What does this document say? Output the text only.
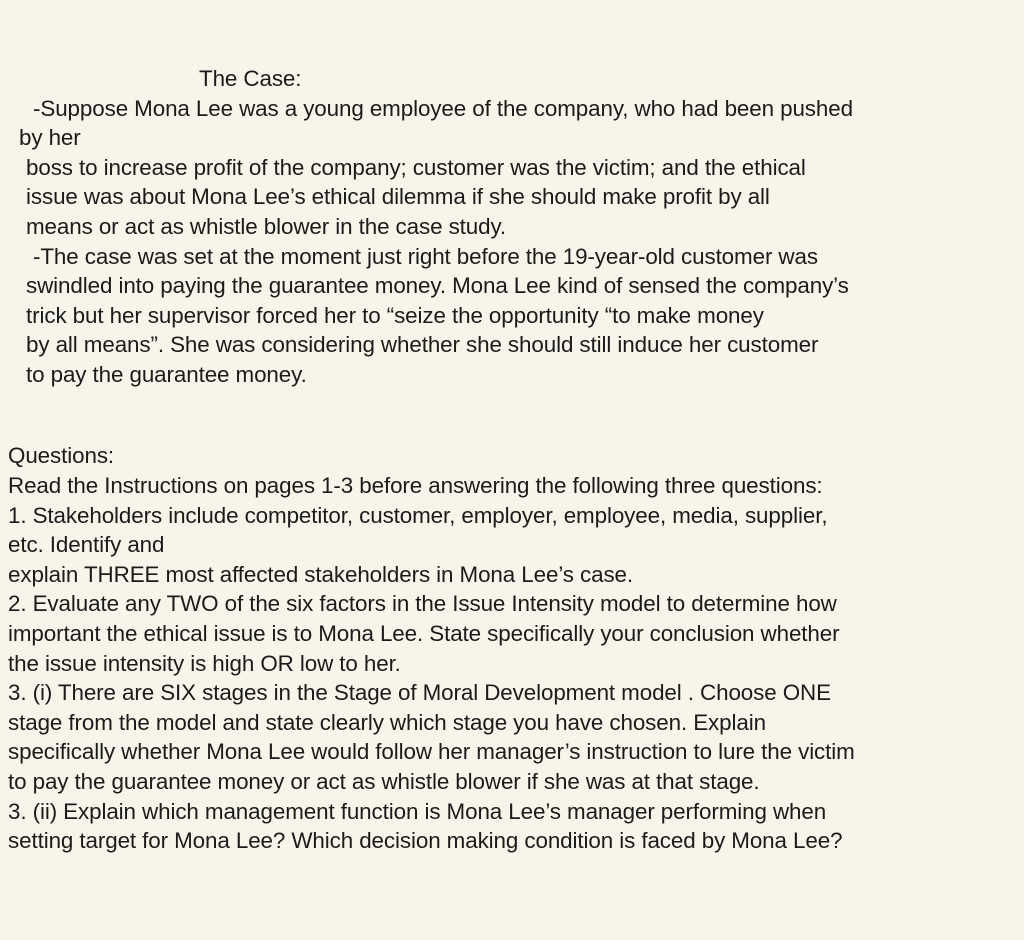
The Case:
-Suppose Mona Lee was a young employee of the company, who had been pushed
by her
boss to increase profit of the company; customer was the victim; and the ethical
issue was about Mona Lee’s ethical dilemma if she should make profit by all
means or act as whistle blower in the case study.
-The case was set at the moment just right before the 19-year-old customer was
swindled into paying the guarantee money. Mona Lee kind of sensed the company’s
trick but her supervisor forced her to “seize the opportunity “to make money
by all means”. She was considering whether she should still induce her customer
to pay the guarantee money.
Questions:
Read the Instructions on pages 1-3 before answering the following three questions:
1. Stakeholders include competitor, customer, employer, employee, media, supplier,
etc. Identify and
explain THREE most affected stakeholders in Mona Lee’s case.
2. Evaluate any TWO of the six factors in the Issue Intensity model to determine how
important the ethical issue is to Mona Lee. State specifically your conclusion whether
the issue intensity is high OR low to her.
3. (i) There are SIX stages in the Stage of Moral Development model . Choose ONE
stage from the model and state clearly which stage you have chosen. Explain
specifically whether Mona Lee would follow her manager’s instruction to lure the victim
to pay the guarantee money or act as whistle blower if she was at that stage.
3. (ii) Explain which management function is Mona Lee’s manager performing when
setting target for Mona Lee? Which decision making condition is faced by Mona Lee?
